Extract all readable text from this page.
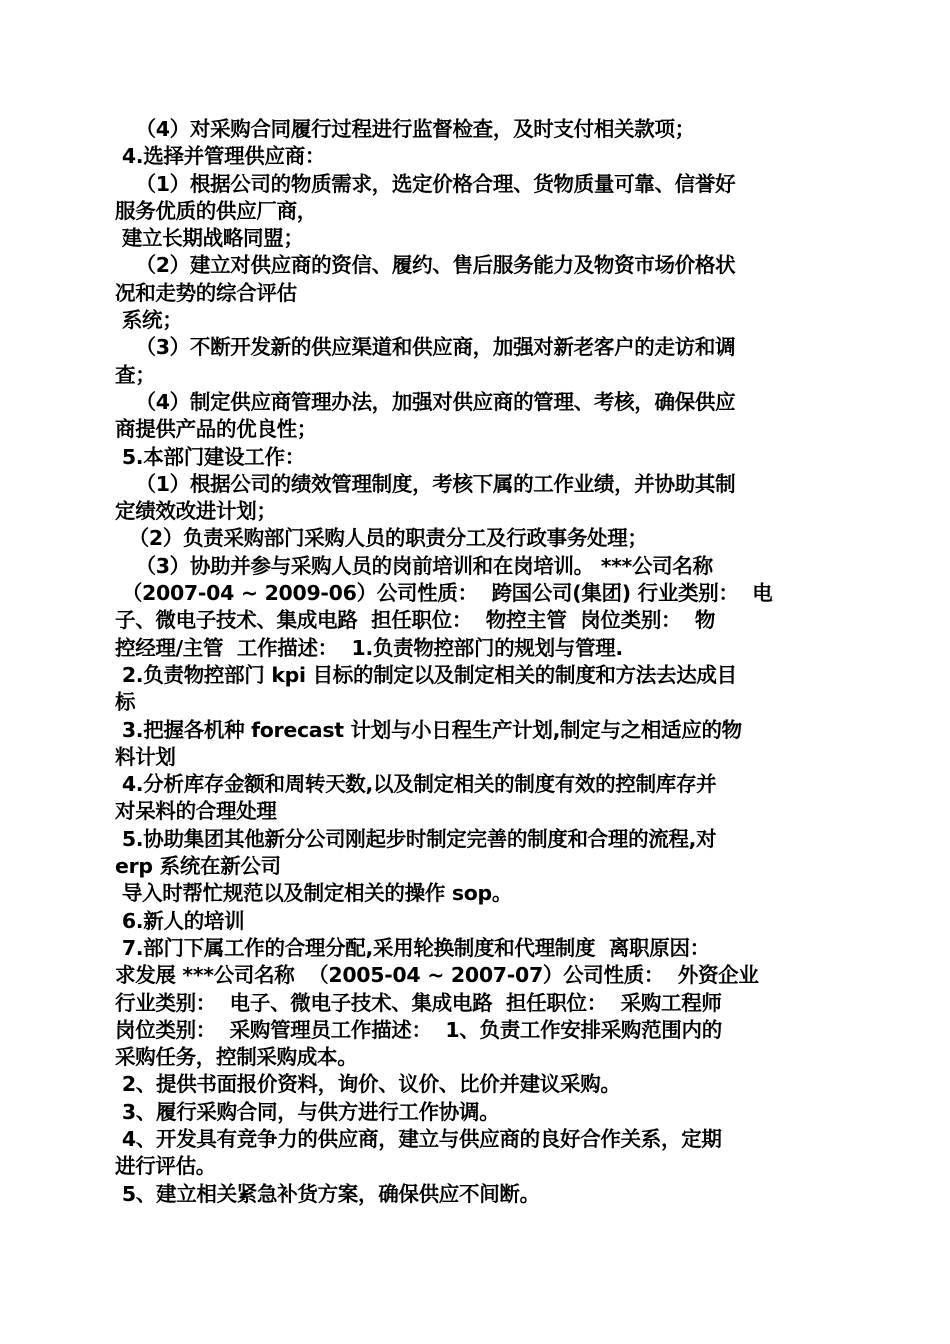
（4）对采购合同履行过程进行监督检查，及时支付相关款项；
4.选择并管理供应商：
（1）根据公司的物质需求，选定价格合理、货物质量可靠、信誉好
服务优质的供应厂商，
建立长期战略同盟；
（2）建立对供应商的资信、履约、售后服务能力及物资市场价格状
况和走势的综合评估
系统；
（3）不断开发新的供应渠道和供应商，加强对新老客户的走访和调
查；
（4）制定供应商管理办法，加强对供应商的管理、考核，确保供应
商提供产品的优良性；
5.本部门建设工作：
（1）根据公司的绩效管理制度，考核下属的工作业绩，并协助其制
定绩效改进计划；
（2）负责采购部门采购人员的职责分工及行政事务处理；
（3）协助并参与采购人员的岗前培训和在岗培训。 ***公司名称
（2007-04 ~ 2009-06）公司性质：  跨国公司(集团) 行业类别：  电
子、微电子技术、集成电路  担任职位：  物控主管  岗位类别：  物
控经理/主管  工作描述：  1.负责物控部门的规划与管理.
2.负责物控部门 kpi 目标的制定以及制定相关的制度和方法去达成目
标
3.把握各机种 forecast 计划与小日程生产计划,制定与之相适应的物
料计划
4.分析库存金额和周转天数,以及制定相关的制度有效的控制库存并
对呆料的合理处理
5.协助集团其他新分公司刚起步时制定完善的制度和合理的流程,对
erp 系统在新公司
导入时帮忙规范以及制定相关的操作 sop。
6.新人的培训
7.部门下属工作的合理分配,采用轮换制度和代理制度  离职原因：
求发展 ***公司名称  （2005-04 ~ 2007-07）公司性质：  外资企业
行业类别：  电子、微电子技术、集成电路  担任职位：  采购工程师
岗位类别：  采购管理员工作描述：  1、负责工作安排采购范围内的
采购任务，控制采购成本。
2、提供书面报价资料，询价、议价、比价并建议采购。
3、履行采购合同，与供方进行工作协调。
4、开发具有竞争力的供应商，建立与供应商的良好合作关系，定期
进行评估。
5、建立相关紧急补货方案，确保供应不间断。
